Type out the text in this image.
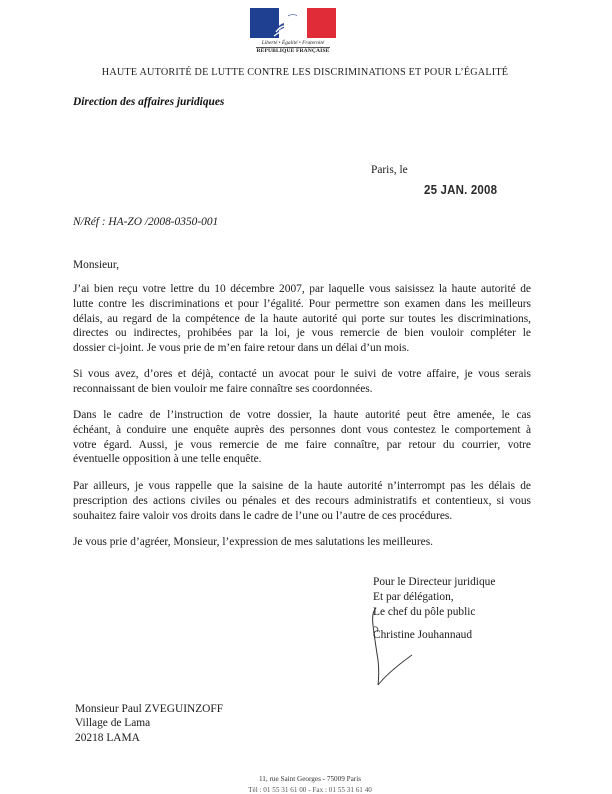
Liberté • Égalité • Fraternité
RÉPUBLIQUE FRANÇAISE
HAUTE AUTORITÉ DE LUTTE CONTRE LES DISCRIMINATIONS ET POUR L’ÉGALITÉ
Direction des affaires juridiques
Paris, le
25 JAN. 2008
N/Réf : HA-ZO /2008-0350-001
Monsieur,
J’ai bien reçu votre lettre du 10 décembre 2007, par laquelle vous saisissez la haute autorité de
lutte contre les discriminations et pour l’égalité. Pour permettre son examen dans les meilleurs
délais, au regard de la compétence de la haute autorité qui porte sur toutes les discriminations,
directes ou indirectes, prohibées par la loi, je vous remercie de bien vouloir compléter le
dossier ci-joint. Je vous prie de m’en faire retour dans un délai d’un mois.
Si vous avez, d’ores et déjà, contacté un avocat pour le suivi de votre affaire, je vous serais
reconnaissant de bien vouloir me faire connaître ses coordonnées.
Dans le cadre de l’instruction de votre dossier, la haute autorité peut être amenée, le cas
échéant, à conduire une enquête auprès des personnes dont vous contestez le comportement à
votre égard. Aussi, je vous remercie de me faire connaître, par retour du courrier, votre
éventuelle opposition à une telle enquête.
Par ailleurs, je vous rappelle que la saisine de la haute autorité n’interrompt pas les délais de
prescription des actions civiles ou pénales et des recours administratifs et contentieux, si vous
souhaitez faire valoir vos droits dans le cadre de l’une ou l’autre de ces procédures.
Je vous prie d’agréer, Monsieur, l’expression de mes salutations les meilleures.
Pour le Directeur juridique
Et par délégation,
Le chef du pôle public
Christine Jouhannaud
Monsieur Paul ZVEGUINZOFF
Village de Lama
20218 LAMA
11, rue Saint Georges - 75009 Paris
Tél : 01 55 31 61 00 - Fax : 01 55 31 61 40
